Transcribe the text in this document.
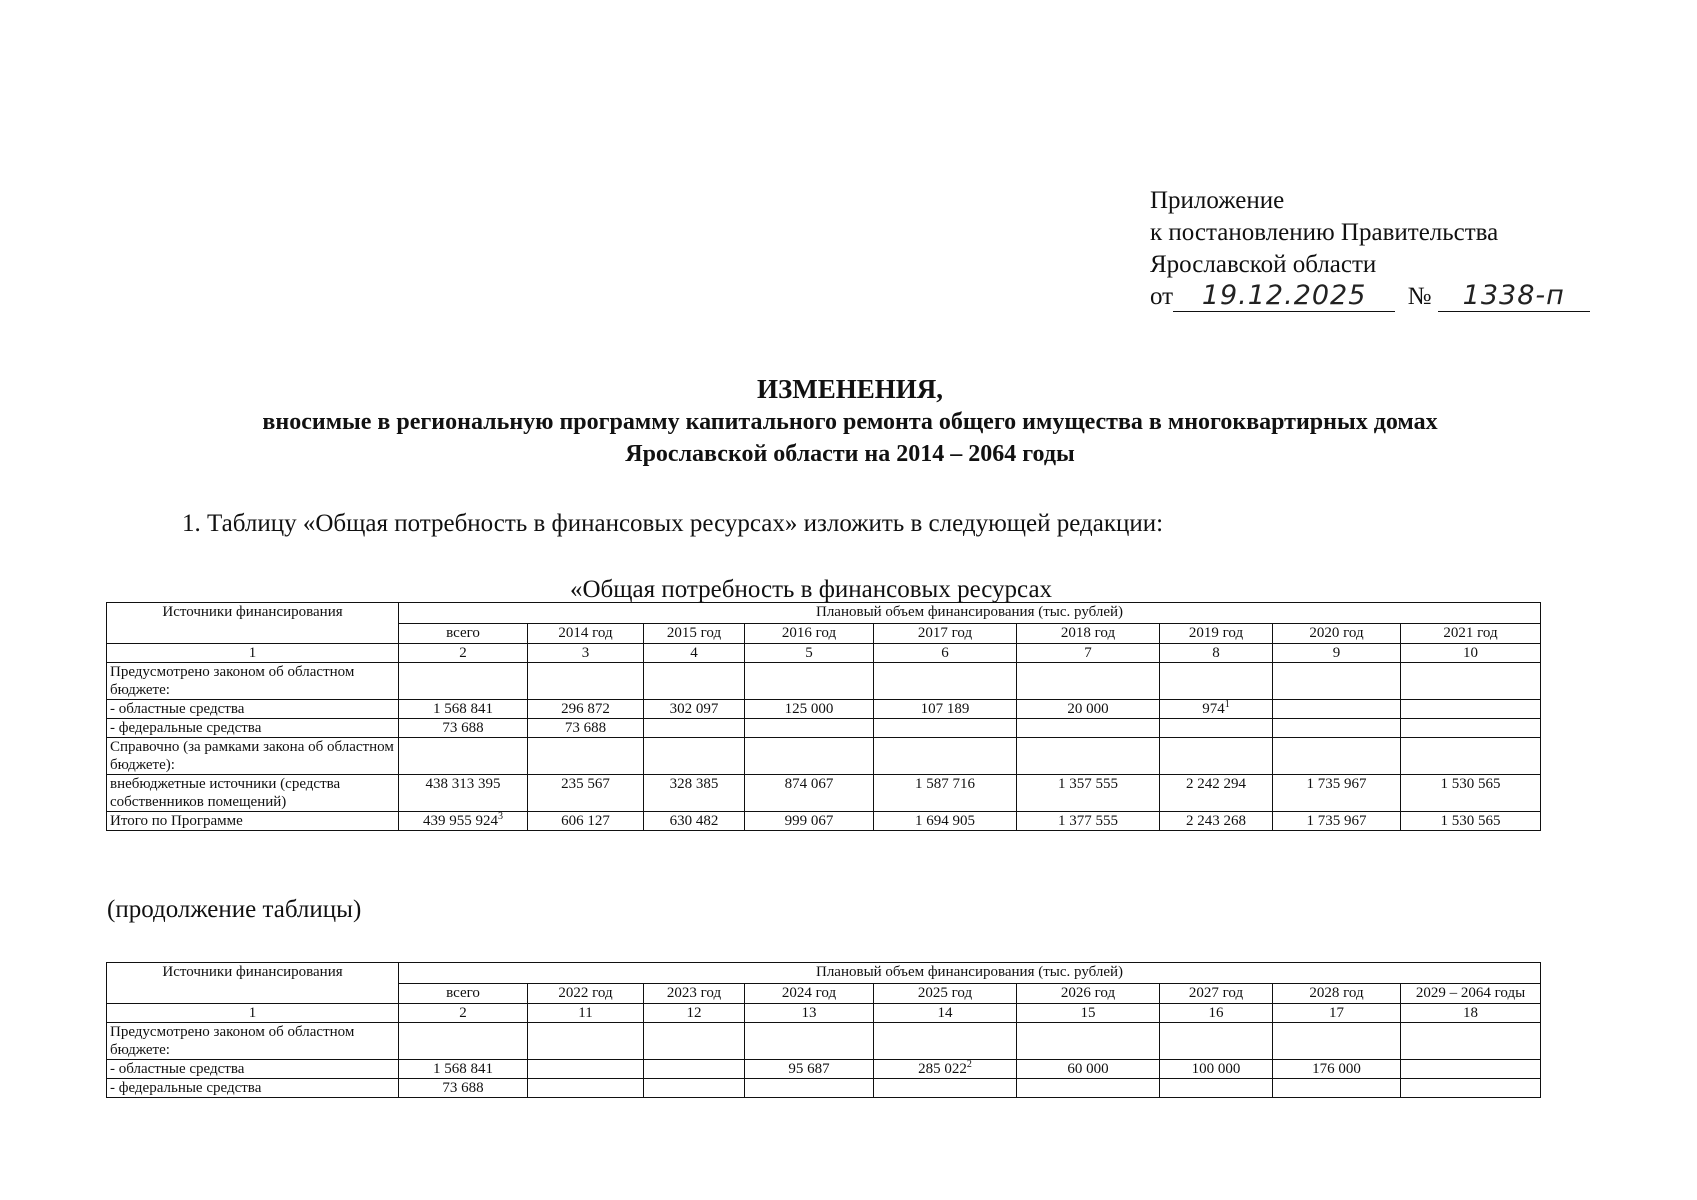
Приложение
к постановлению Правительства
Ярославской области
от 19.12.2025 № 1338-п
ИЗМЕНЕНИЯ,
вносимые в региональную программу капитального ремонта общего имущества в многоквартирных домах
Ярославской области на 2014 – 2064 годы
1. Таблицу «Общая потребность в финансовых ресурсах» изложить в следующей редакции:
«Общая потребность в финансовых ресурсах
Источники финансирования	Плановый объем финансирования (тыс. рублей)								
	всего	2014 год	2015 год	2016 год	2017 год	2018 год	2019 год	2020 год	2021 год
1	2	3	4	5	6	7	8	9	10
Предусмотрено законом об областном бюджете:									
- областные средства	1 568 841	296 872	302 097	125 000	107 189	20 000	$974^1$		
- федеральные средства	73 688	73 688							
Справочно (за рамками закона об областном бюджете):									
внебюджетные источники (средства собственников помещений)	438 313 395	235 567	328 385	874 067	1 587 716	1 357 555	2 242 294	1 735 967	1 530 565
Итого по Программе	439 955 $924^3$	606 127	630 482	999 067	1 694 905	1 377 555	2 243 268	1 735 967	1 530 565
(продолжение таблицы)
Источники финансирования	Плановый объем финансирования (тыс. рублей)								
	всего	2022 год	2023 год	2024 год	2025 год	2026 год	2027 год	2028 год	2029 – 2064 годы
1	2	11	12	13	14	15	16	17	18
Предусмотрено законом об областном бюджете:									
- областные средства	1 568 841			95 687	285 $022^2$	60 000	100 000	176 000	
- федеральные средства	73 688								
